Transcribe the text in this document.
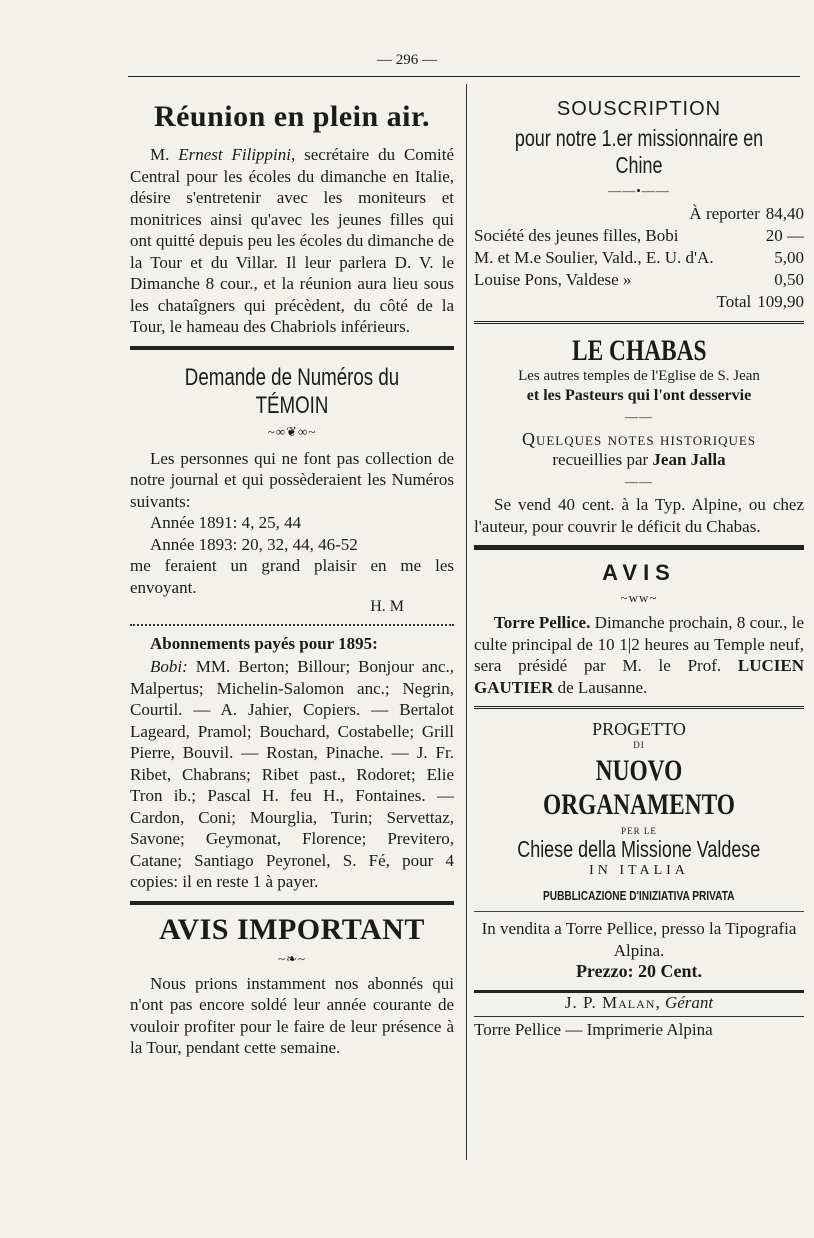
— 296 —
Réunion en plein air.

M. Ernest Filippini, secrétaire du Comité Central pour les écoles du dimanche en Italie, désire s'entretenir avec les moniteurs et monitrices ainsi qu'avec les jeunes filles qui ont quitté depuis peu les écoles du dimanche de la Tour et du Villar. Il leur parlera D. V. le Dimanche 8 cour., et la réunion aura lieu sous les chataîgners qui précèdent, du côté de la Tour, le hameau des Chabriols inférieurs.

Demande de Numéros du TÉMOIN
~∞❦∞~

Les personnes qui ne font pas collection de notre journal et qui possèderaient les Numéros suivants:

Année 1891: 4, 25, 44
Année 1893: 20, 32, 44, 46-52

me feraient un grand plaisir en me les envoyant.

H. M
Abonnements payés pour 1895:

Bobi: MM. Berton; Billour; Bonjour anc., Malpertus; Michelin-Salomon anc.; Negrin, Courtil. — A. Jahier, Copiers. — Bertalot Lageard, Pramol; Bouchard, Costabelle; Grill Pierre, Bouvil. — Rostan, Pinache. — J. Fr. Ribet, Chabrans; Ribet past., Rodoret; Elie Tron ib.; Pascal H. feu H., Fontaines. — Cardon, Coni; Mourglia, Turin; Servettaz, Savone; Geymonat, Florence; Previtero, Catane; Santiago Peyronel, S. Fé, pour 4 copies: il en reste 1 à payer.

AVIS IMPORTANT
~❧~

Nous prions instamment nos abonnés qui n'ont pas encore soldé leur année courante de vouloir profiter pour le faire de leur présence à la Tour, pendant cette semaine.

SOUSCRIPTION
pour notre 1.er missionnaire en Chine
——•——
À reporter 84,40
Société des jeunes filles, Bobi	20 —
M. et M.e Soulier, Vald., E. U. d'A.	5,00
Louise Pons, Valdese »	0,50
Total 109,90
LE CHABAS
Les autres temples de l'Eglise de S. Jean
et les Pasteurs qui l'ont desservie
——
Quelques notes historiques
recueillies par Jean Jalla
——

Se vend 40 cent. à la Typ. Alpine, ou chez l'auteur, pour couvrir le déficit du Chabas.

AVIS
~ww~

Torre Pellice. Dimanche prochain, 8 cour., le culte principal de 10 1|2 heures au Temple neuf, sera présidé par M. le Prof. LUCIEN GAUTIER de Lausanne.

PROGETTO
DI
NUOVO ORGANAMENTO
PER LE
Chiese della Missione Valdese
IN ITALIA
PUBBLICAZIONE D'INIZIATIVA PRIVATA
In vendita a Torre Pellice, presso la Tipografia Alpina.
Prezzo: 20 Cent.
J. P. Malan, Gérant
Torre Pellice — Imprimerie Alpina
